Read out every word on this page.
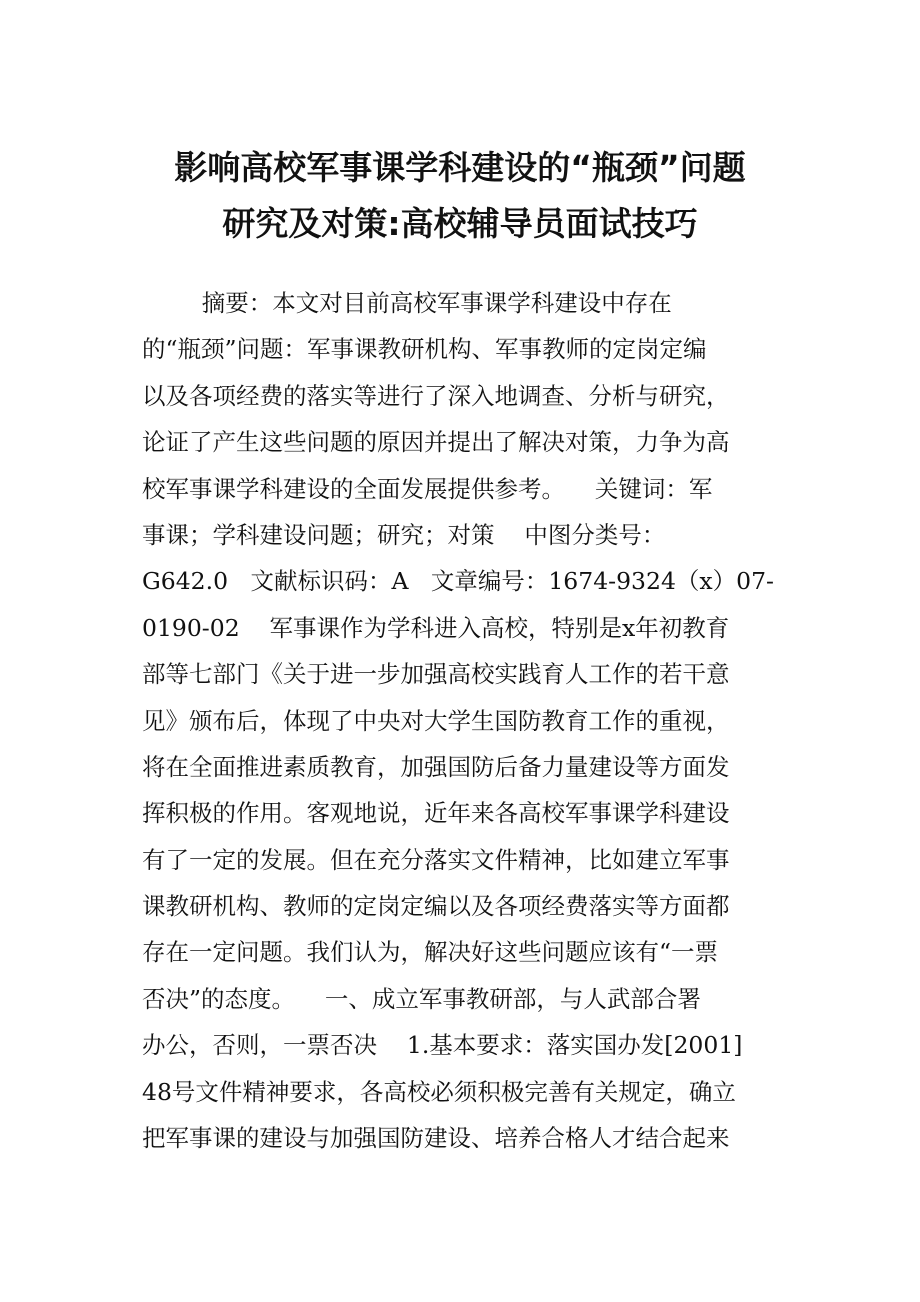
影响高校军事课学科建设的“瓶颈”问题
研究及对策:高校辅导员面试技巧
摘要：本文对目前高校军事课学科建设中存在
的“瓶颈”问题：军事课教研机构、军事教师的定岗定编
以及各项经费的落实等进行了深入地调查、分析与研究，
论证了产生这些问题的原因并提出了解决对策，力争为高
校军事课学科建设的全面发展提供参考。    关键词：军
事课；学科建设问题；研究；对策    中图分类号：
G642.0   文献标识码：A   文章编号：1674-9324（x）07-
0190-02    军事课作为学科进入高校，特别是x年初教育
部等七部门《关于进一步加强高校实践育人工作的若干意
见》颁布后，体现了中央对大学生国防教育工作的重视，
将在全面推进素质教育，加强国防后备力量建设等方面发
挥积极的作用。客观地说，近年来各高校军事课学科建设
有了一定的发展。但在充分落实文件精神，比如建立军事
课教研机构、教师的定岗定编以及各项经费落实等方面都
存在一定问题。我们认为，解决好这些问题应该有“一票
否决”的态度。    一、成立军事教研部，与人武部合署
办公，否则，一票否决    1.基本要求：落实国办发[2001]
48号文件精神要求，各高校必须积极完善有关规定，确立
把军事课的建设与加强国防建设、培养合格人才结合起来
